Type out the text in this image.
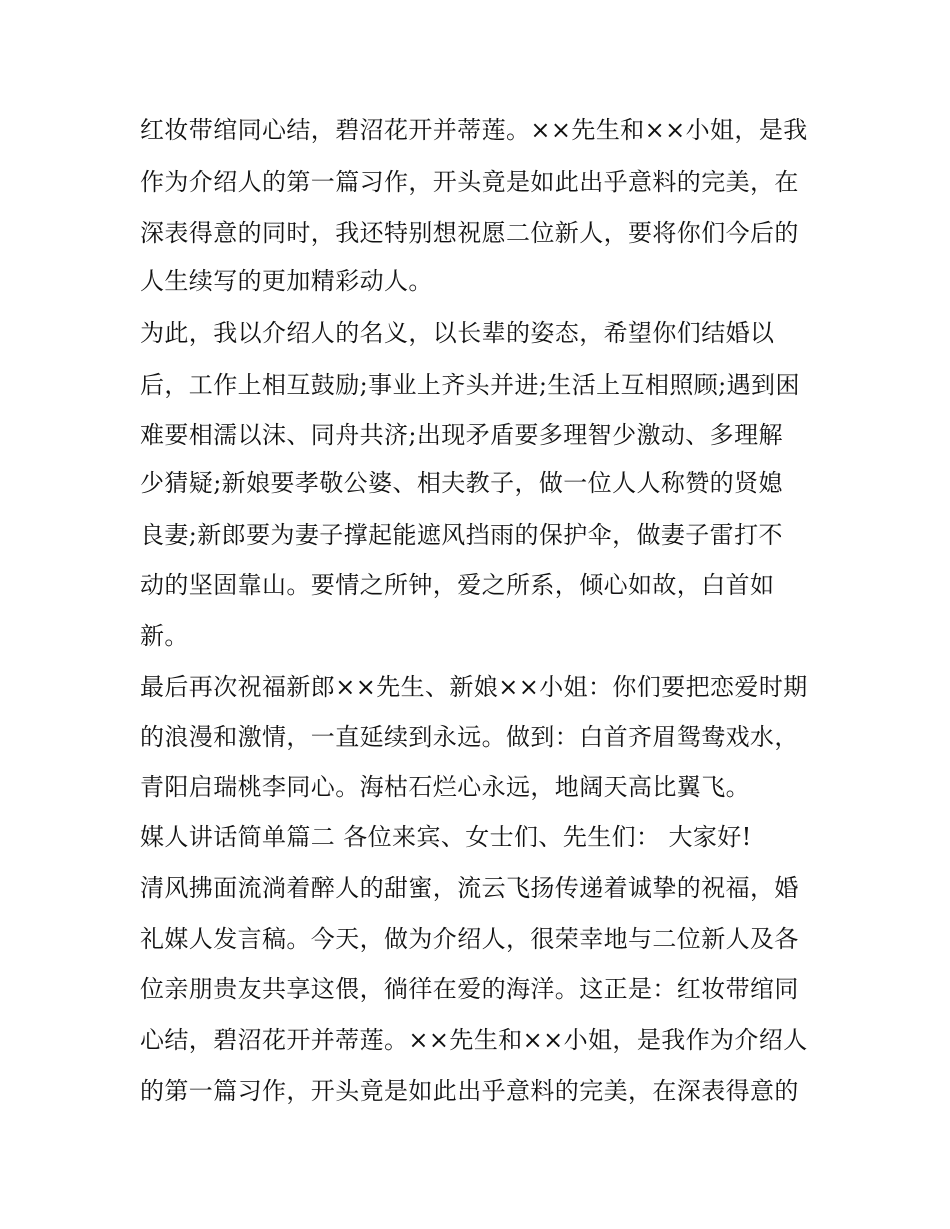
红妆带绾同心结，碧沼花开并蒂莲。××先生和××小姐，是我
作为介绍人的第一篇习作，开头竟是如此出乎意料的完美，在
深表得意的同时，我还特别想祝愿二位新人，要将你们今后的
人生续写的更加精彩动人。
为此，我以介绍人的名义，以长辈的姿态，希望你们结婚以
后，工作上相互鼓励;事业上齐头并进;生活上互相照顾;遇到困
难要相濡以沫、同舟共济;出现矛盾要多理智少激动、多理解
少猜疑;新娘要孝敬公婆、相夫教子，做一位人人称赞的贤媳
良妻;新郎要为妻子撑起能遮风挡雨的保护伞，做妻子雷打不
动的坚固靠山。要情之所钟，爱之所系，倾心如故，白首如
新。
最后再次祝福新郎××先生、新娘××小姐：你们要把恋爱时期
的浪漫和激情，一直延续到永远。做到：白首齐眉鸳鸯戏水，
青阳启瑞桃李同心。海枯石烂心永远，地阔天高比翼飞。
媒人讲话简单篇二 各位来宾、女士们、先生们： 大家好!
清风拂面流淌着醉人的甜蜜，流云飞扬传递着诚挚的祝福，婚
礼媒人发言稿。今天，做为介绍人，很荣幸地与二位新人及各
位亲朋贵友共享这偎，徜徉在爱的海洋。这正是：红妆带绾同
心结，碧沼花开并蒂莲。××先生和××小姐，是我作为介绍人
的第一篇习作，开头竟是如此出乎意料的完美，在深表得意的
